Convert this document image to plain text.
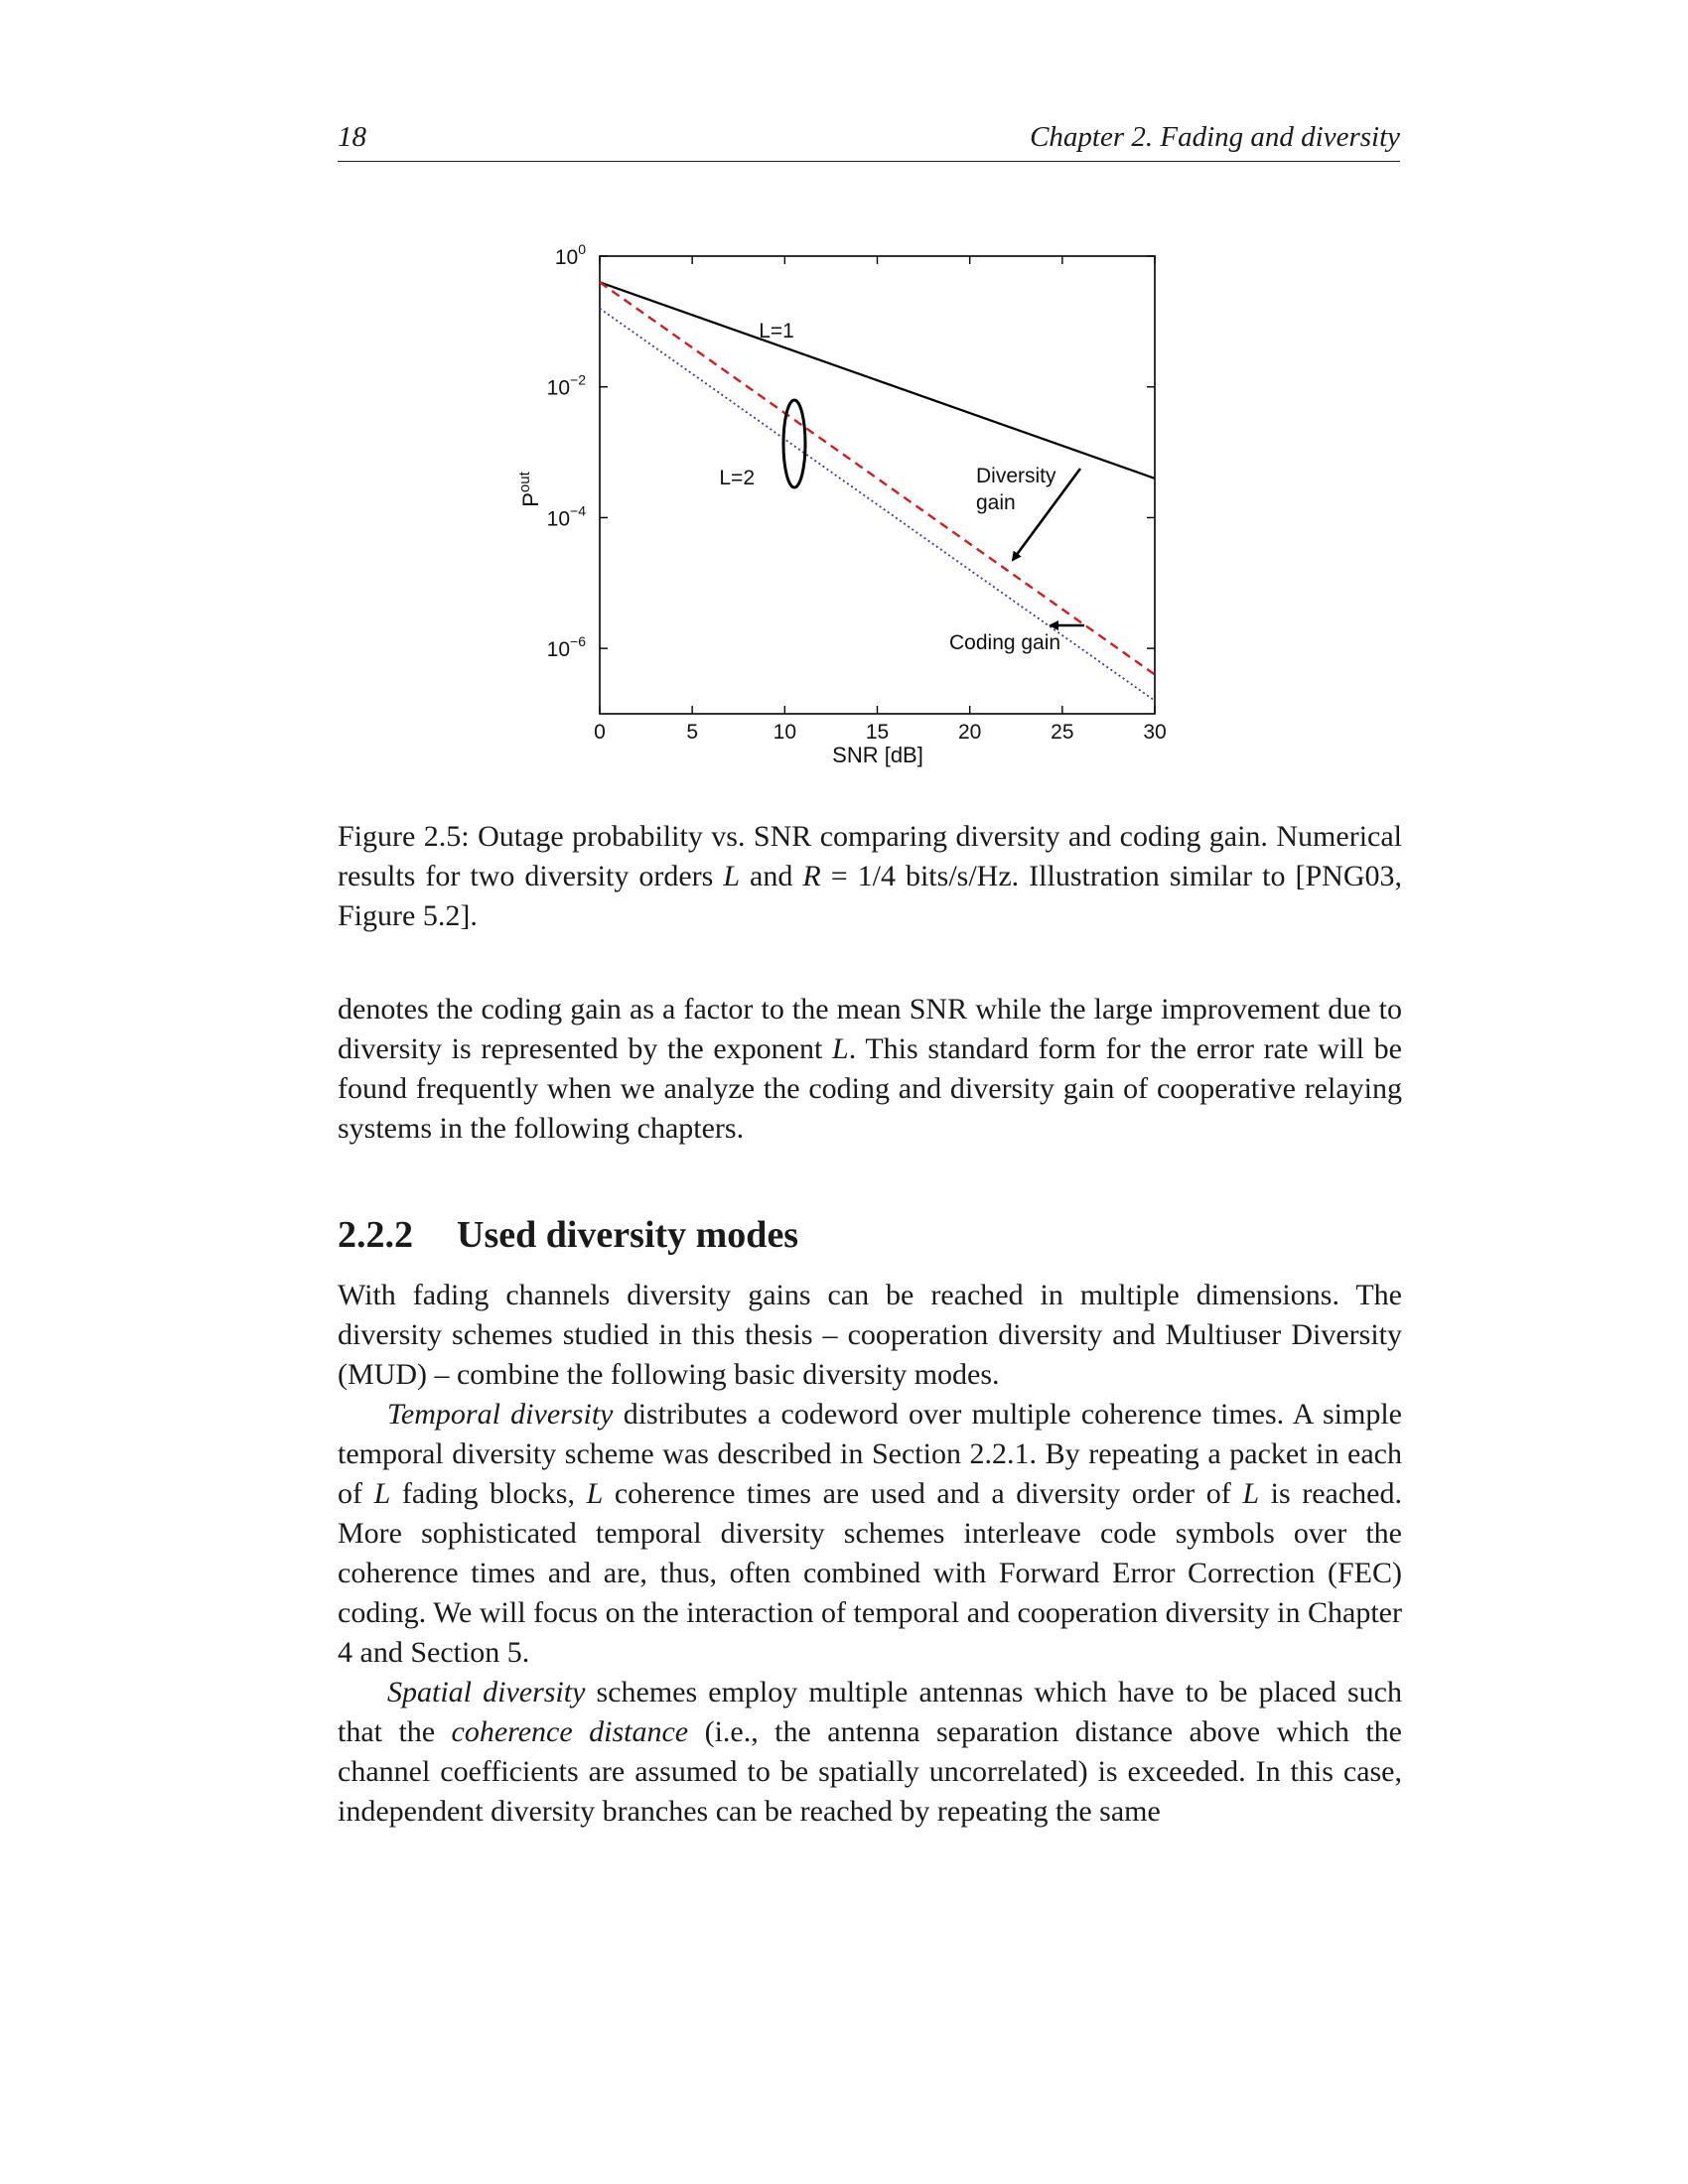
18	Chapter 2. Fading and diversity
0	5	10	15	20	25	30
$10^0$
$10^{-2}$
$10^{-4}$
$10^{-6}$
L=1
L=2	Diversity
gain
Coding gain
$P^{out}$
SNR [dB]
Figure 2.5: Outage probability vs. SNR comparing diversity and coding gain. Numerical results for two diversity orders L and R = 1/4 bits/s/Hz. Illustration similar to [PNG03, Figure 5.2].

denotes the coding gain as a factor to the mean SNR while the large improvement due to diversity is represented by the exponent L. This standard form for the error rate will be found frequently when we analyze the coding and diversity gain of cooperative relaying systems in the following chapters.

2.2.2 Used diversity modes

With fading channels diversity gains can be reached in multiple dimensions. The diversity schemes studied in this thesis – cooperation diversity and Multiuser Diversity (MUD) – combine the following basic diversity modes.

Temporal diversity distributes a codeword over multiple coherence times. A simple temporal diversity scheme was described in Section 2.2.1. By repeating a packet in each of L fading blocks, L coherence times are used and a diversity order of L is reached. More sophisticated temporal diversity schemes interleave code symbols over the coherence times and are, thus, often combined with Forward Error Correction (FEC) coding. We will focus on the interaction of temporal and cooperation diversity in Chapter 4 and Section 5.

Spatial diversity schemes employ multiple antennas which have to be placed such that the coherence distance (i.e., the antenna separation distance above which the channel coefficients are assumed to be spatially uncorrelated) is exceeded. In this case, independent diversity branches can be reached by repeating the same
